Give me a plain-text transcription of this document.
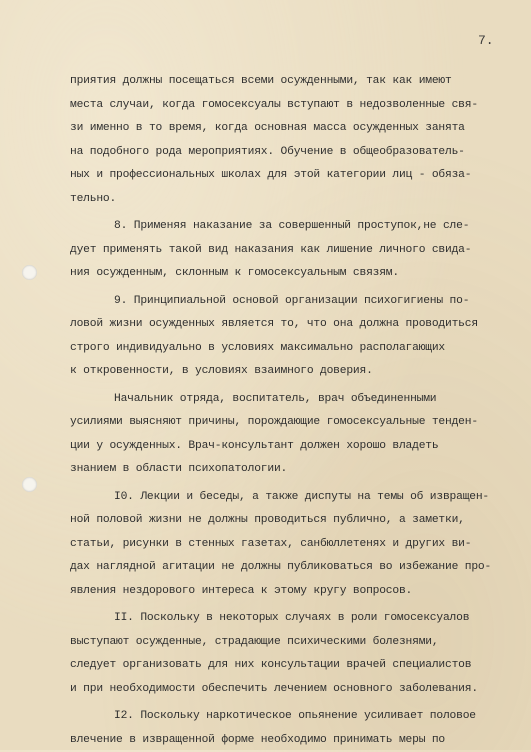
7.
приятия должны посещаться всеми осужденными, так как имеют
места случаи, когда гомосексуалы вступают в недозволенные свя-
зи именно в то время, когда основная масса осужденных занята
на подобного рода мероприятиях. Обучение в общеобразователь-
ных и профессиональных школах для этой категории лиц - обяза-
тельно.
8. Применяя наказание за совершенный проступок,не сле-
дует применять такой вид наказания как лишение личного свида-
ния осужденным, склонным к гомосексуальным связям.
9. Принципиальной основой организации психогигиены по-
ловой жизни осужденных является то, что она должна проводиться
строго индивидуально в условиях максимально располагающих
к откровенности, в условиях взаимного доверия.
Начальник отряда, воспитатель, врач объединенными
усилиями выясняют причины, порождающие гомосексуальные тенден-
ции у осужденных. Врач-консультант должен хорошо владеть
знанием в области психопатологии.
I0. Лекции и беседы, а также диспуты на темы об извращен-
ной половой жизни не должны проводиться публично, а заметки,
статьи, рисунки в стенных газетах, санбюллетенях и других ви-
дах наглядной агитации не должны публиковаться во избежание про-
явления нездорового интереса к этому кругу вопросов.
II. Поскольку в некоторых случаях в роли гомосексуалов
выступают осужденные, страдающие психическими болезнями,
следует организовать для них консультации врачей специалистов
и при необходимости обеспечить лечением основного заболевания.
I2. Поскольку наркотическое опьянение усиливает половое
влечение в извращенной форме необходимо принимать меры по
